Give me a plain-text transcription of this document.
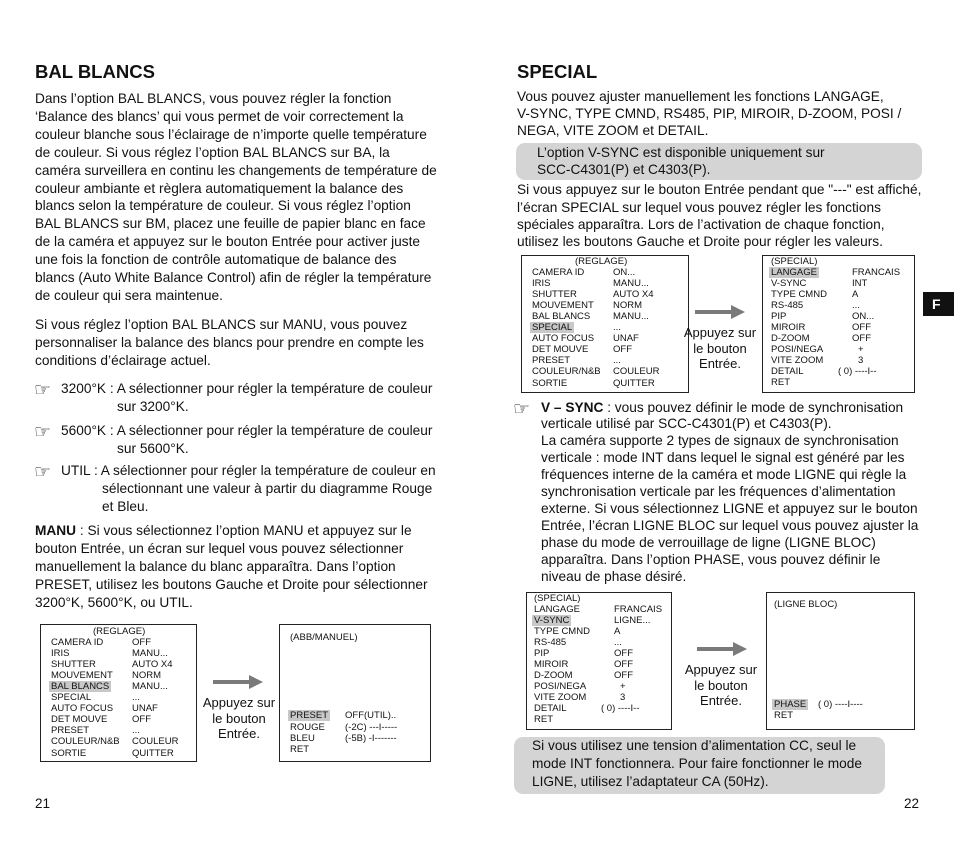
BAL BLANCS
Dans l’option BAL BLANCS, vous pouvez régler la fonction
‘Balance des blancs’ qui vous permet de voir correctement la
couleur blanche sous l’éclairage de n’importe quelle température
de couleur. Si vous réglez l’option BAL BLANCS sur BA, la
caméra surveillera en continu les changements de température de
couleur ambiante et règlera automatiquement la balance des
blancs selon la température de couleur. Si vous réglez l’option
BAL BLANCS sur BM, placez une feuille de papier blanc en face
de la caméra et appuyez sur le bouton Entrée pour activer juste
une fois la fonction de contrôle automatique de balance des
blancs (Auto White Balance Control) afin de régler la température
de couleur qui sera maintenue.
Si vous réglez l’option BAL BLANCS sur MANU, vous pouvez
personnaliser la balance des blancs pour prendre en compte les
conditions d’éclairage actuel.
☞ 3200°K : A sélectionner pour régler la température de couleur
sur 3200°K.
☞ 5600°K : A sélectionner pour régler la température de couleur
sur 5600°K.
☞ UTIL : A sélectionner pour régler la température de couleur en
sélectionnant une valeur à partir du diagramme Rouge
et Bleu.
MANU : Si vous sélectionnez l’option MANU et appuyez sur le
bouton Entrée, un écran sur lequel vous pouvez sélectionner
manuellement la balance du blanc apparaîtra. Dans l’option
PRESET, utilisez les boutons Gauche et Droite pour sélectionner
3200°K, 5600°K, ou UTIL.
(REGLAGE)
CAMERA ID	OFF
IRIS	MANU...
SHUTTER	AUTO X4
MOUVEMENT NORM
BAL BLANCS MANU...
SPECIAL	...
AUTO FOCUS UNAF
DET MOUVE	OFF
PRESET	...
COULEUR/N&B COULEUR
SORTIE	QUITTER
Appuyez sur
le bouton
Entrée.
(ABB/MANUEL)
PRESET OFF(UTIL)..
ROUGE (-2C) ---I-----
BLEU	(-5B) -I-------
RET
21
SPECIAL
Vous pouvez ajuster manuellement les fonctions LANGAGE,
V-SYNC, TYPE CMND, RS485, PIP, MIROIR, D-ZOOM, POSI /
NEGA, VITE ZOOM et DETAIL.
L’option V-SYNC est disponible uniquement sur
SCC-C4301(P) et C4303(P).
Si vous appuyez sur le bouton Entrée pendant que "---" est affiché,
l’écran SPECIAL sur lequel vous pouvez régler les fonctions
spéciales apparaîtra. Lors de l’activation de chaque fonction,
utilisez les boutons Gauche et Droite pour régler les valeurs.
(REGLAGE)
CAMERA ID	ON...
IRIS	MANU...
SHUTTER	AUTO X4
MOUVEMENT NORM
BAL BLANCS MANU...
SPECIAL	...
AUTO FOCUS UNAF
DET MOUVE	OFF
PRESET	...
COULEUR/N&B COULEUR
SORTIE	QUITTER
Appuyez sur
le bouton
Entrée.
(SPECIAL)
LANGAGE	FRANCAIS
V-SYNC	INT
TYPE CMND	A
RS-485	...
PIP	ON...
MIROIR	OFF
D-ZOOM	OFF
POSI/NEGA	+
VITE ZOOM	3
DETAIL	( 0) ----I--
RET
☞ V – SYNC : vous pouvez définir le mode de synchronisation
verticale utilisé par SCC-C4301(P) et C4303(P).
La caméra supporte 2 types de signaux de synchronisation
verticale : mode INT dans lequel le signal est généré par les
fréquences interne de la caméra et mode LIGNE qui règle la
synchronisation verticale par les fréquences d’alimentation
externe. Si vous sélectionnez LIGNE et appuyez sur le bouton
Entrée, l’écran LIGNE BLOC sur lequel vous pouvez ajuster la
phase du mode de verrouillage de ligne (LIGNE BLOC)
apparaîtra. Dans l’option PHASE, vous pouvez définir le
niveau de phase désiré.
(SPECIAL)
LANGAGE	FRANCAIS
V-SYNC	LIGNE...
TYPE CMND	A
RS-485	...
PIP	OFF
MIROIR	OFF
D-ZOOM	OFF
POSI/NEGA	+
VITE ZOOM	3
DETAIL	( 0) ----I--
RET
Appuyez sur
le bouton
Entrée.
(LIGNE BLOC)
PHASE ( 0) ----I----
RET
Si vous utilisez une tension d’alimentation CC, seul le
mode INT fonctionnera. Pour faire fonctionner le mode
LIGNE, utilisez l’adaptateur CA (50Hz).
22
F
